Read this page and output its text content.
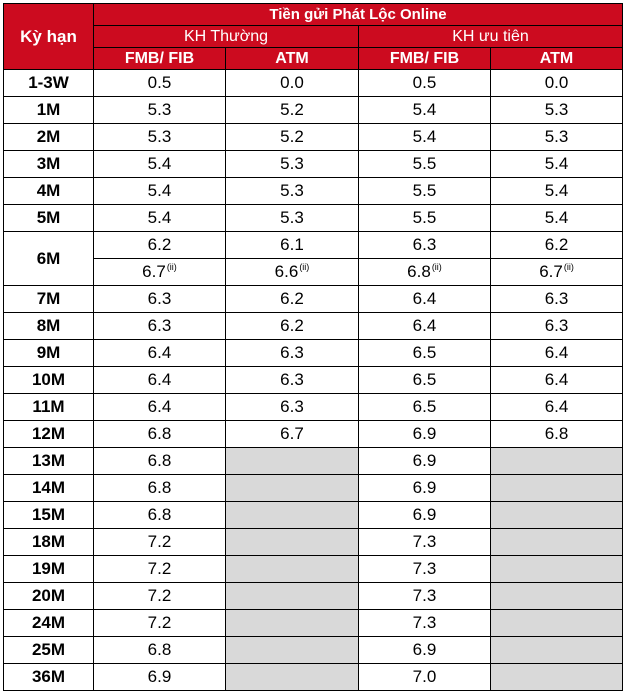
Kỳ hạn	Tiền gửi Phát Lộc Online			
	KH Thường		KH ưu tiên	
	FMB/ FIB	ATM	FMB/ FIB	ATM
1-3W	0.5	0.0	0.5	0.0
1M	5.3	5.2	5.4	5.3
2M	5.3	5.2	5.4	5.3
3M	5.4	5.3	5.5	5.4
4M	5.4	5.3	5.5	5.4
5M	5.4	5.3	5.5	5.4
6M	6.2	6.1	6.3	6.2
	6.7$^{(ii)}$	6.6$^{(ii)}$	6.8$^{(ii)}$	6.7$^{(ii)}$
7M	6.3	6.2	6.4	6.3
8M	6.3	6.2	6.4	6.3
9M	6.4	6.3	6.5	6.4
10M	6.4	6.3	6.5	6.4
11M	6.4	6.3	6.5	6.4
12M	6.8	6.7	6.9	6.8
13M	6.8		6.9	
14M	6.8		6.9	
15M	6.8		6.9	
18M	7.2		7.3	
19M	7.2		7.3	
20M	7.2		7.3	
24M	7.2		7.3	
25M	6.8		6.9	
36M	6.9		7.0	
